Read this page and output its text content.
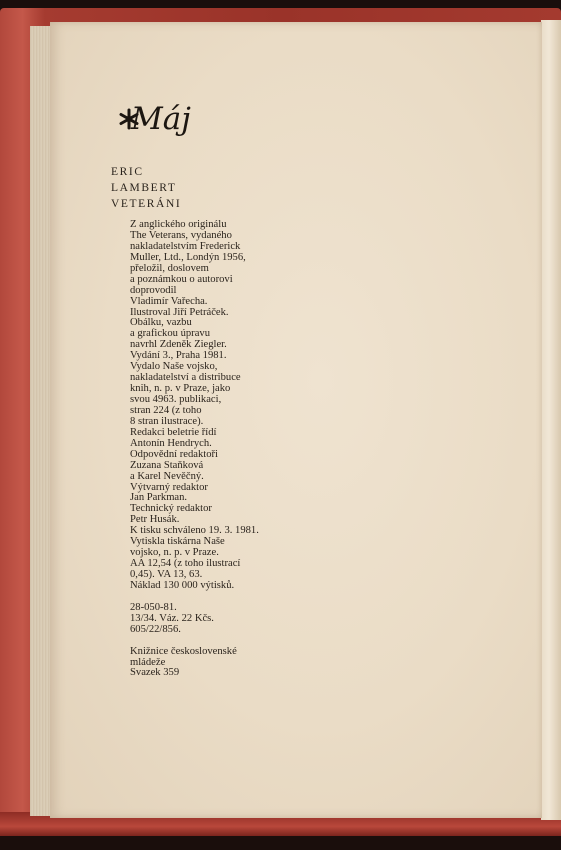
Máj
ERIC
LAMBERT
VETERÁNI
Z anglického originálu
The Veterans, vydaného
nakladatelstvím Frederick
Muller, Ltd., Londýn 1956,
přeložil, doslovem
a poznámkou o autorovi
doprovodil
Vladimír Vařecha.
Ilustroval Jiří Petráček.
Obálku, vazbu
a grafickou úpravu
navrhl Zdeněk Ziegler.
Vydání 3., Praha 1981.
Vydalo Naše vojsko,
nakladatelství a distribuce
knih, n. p. v Praze, jako
svou 4963. publikaci,
stran 224 (z toho
8 stran ilustrace).
Redakci beletrie řídí
Antonín Hendrych.
Odpovědní redaktoři
Zuzana Staňková
a Karel Nevěčný.
Výtvarný redaktor
Jan Parkman.
Technický redaktor
Petr Husák.
K tisku schváleno 19. 3. 1981.
Vytiskla tiskárna Naše
vojsko, n. p. v Praze.
AA 12,54 (z toho ilustrací
0,45). VA 13, 63.
Náklad 130 000 výtisků.
28-050-81.
13/34. Váz. 22 Kčs.
605/22/856.
Knižnice československé
mládeže
Svazek 359
